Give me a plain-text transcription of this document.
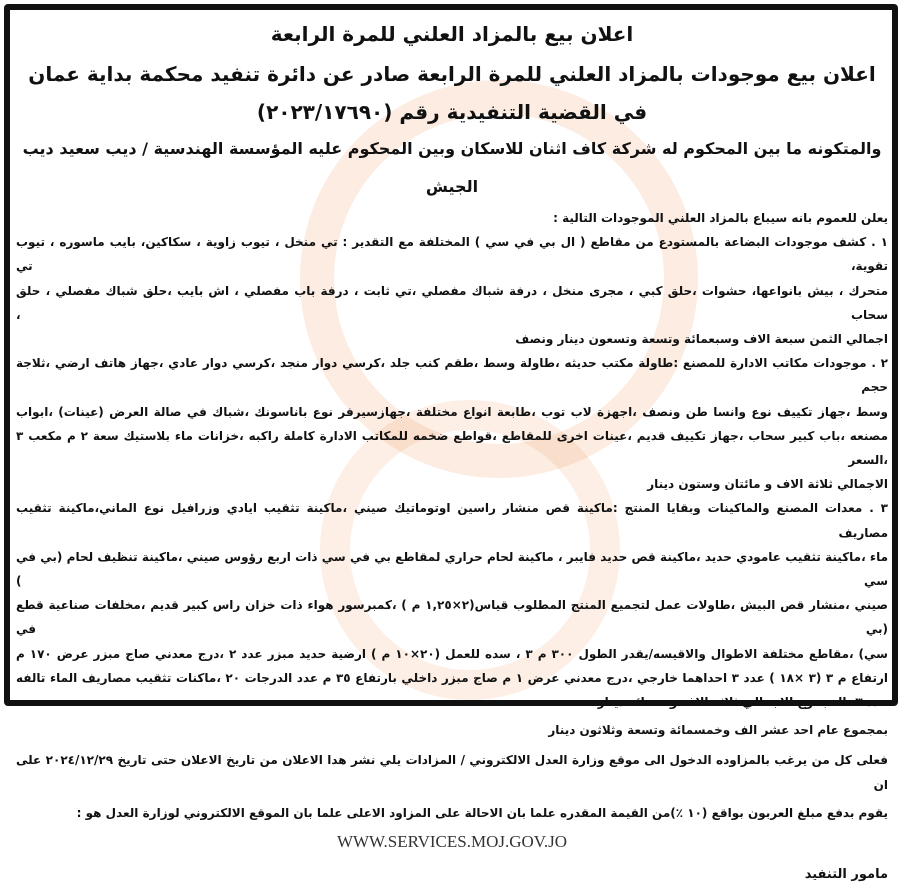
اعلان بيع بالمزاد العلني للمرة الرابعة
اعلان بيع موجودات بالمزاد العلني للمرة الرابعة صادر عن دائرة تنفيد محكمة بداية عمان
في القضية التنفيدية رقم (٢٠٢٣/١٧٦٩٠)
والمتكونه ما بين المحكوم له شركة كاف اثنان للاسكان وبين المحكوم عليه المؤسسة الهندسية / ديب سعيد ديب الجيش
يعلن للعموم بانه سيباع بالمزاد العلني الموجودات التالية :
١ . كشف موجودات البضاعة بالمستودع من مقاطع ( ال بي في سي ) المختلفة مع التقدير : تي منخل ، تيوب زاوية ، سكاكين، بايب ماسوره ، تيوب تقوية، تي
متحرك ، بيش بانواعها، حشوات ،حلق كبي ، مجرى منخل ، درفة شباك مفصلي ،تي ثابت ، درفة باب مفصلي ، اش بايب ،حلق شباك مفصلي ، حلق سحاب ،
اجمالي الثمن سبعة الاف وسبعمائة وتسعة وتسعون دينار ونصف
٢ . موجودات مكاتب الادارة للمصنع :طاولة مكتب حديثه ،طاولة وسط ،طقم كنب جلد ،كرسي دوار منجد ،كرسي دوار عادي ،جهاز هاتف ارضي ،ثلاجة حجم
وسط ،جهاز تكييف نوع وانسا طن ونصف ،اجهزة لاب توب ،طابعة انواع مختلفة ،جهازسيرفر نوع باناسونك ،شباك في صالة العرض (عينات) ،ابواب
مصنعه ،باب كبير سحاب ،جهاز تكييف قديم ،عينات اخرى للمقاطع ،قواطع ضخمه للمكاتب الادارة كاملة راكبه ،خزانات ماء بلاستيك سعة ٢ م مكعب ٣ ،السعر
الاجمالي ثلاثة الاف و مائتان وستون دينار
٣ . معدات المصنع والماكينات وبقايا المنتج :ماكينة قص منشار راسين اوتوماتيك صيني ،ماكينة تثقيب ايادي وزرافيل نوع الماني،ماكينة تثقيب مصاريف
ماء ،ماكينة تثقيب عامودي حديد ،ماكينة قص حديد فايبر ، ماكينة لحام حراري لمقاطع بي في سي ذات اربع رؤوس صيني ،ماكينة تنظيف لحام (بي في سي )
صيني ،منشار قص البيش ،طاولات عمل لتجميع المنتج المطلوب قياس(٢×١,٢٥ م ) ،كمبرسور هواء ذات خزان راس كبير قديم ،مخلفات صناعية قطع (بي في
سي) ،مقاطع مختلفة الاطوال والاقيسه/يقدر الطول ٣٠٠ م ٣ ، سده للعمل (٢٠×١٠ م ) ارضية حديد مبزر عدد ٢ ،درج معدني صاج مبزر عرض ١٧٠ م
ارتفاع م ٣ (٣ ×١٨ ) عدد ٣ احداهما خارجي ،درج معدني عرض ١ م صاج مبزر داخلي بارتفاع ٣٥ م عدد الدرجات ٢٠ ،ماكنات تثقيب مصاريف الماء تالفه
عدد ٣ ،المجموع الاجمالي ثلاثة الاف وستمائة دينار
بمجموع عام احد عشر الف وخمسمائة وتسعة وثلاثون دينار
فعلى كل من يرغب بالمزاوده الدخول الى موقع وزارة العدل الالكتروني / المزادات يلي نشر هدا الاعلان من تاريخ الاعلان حتى تاريخ ٢٠٢٤/١٢/٢٩ على ان
يقوم بدفع مبلغ العربون بواقع (١٠ ٪)من القيمة المقدره علما بان الاحالة على المزاود الاعلى علما بان الموقع الالكتروني لوزارة العدل هو :
WWW.SERVICES.MOJ.GOV.JO
مامور التنفيد
